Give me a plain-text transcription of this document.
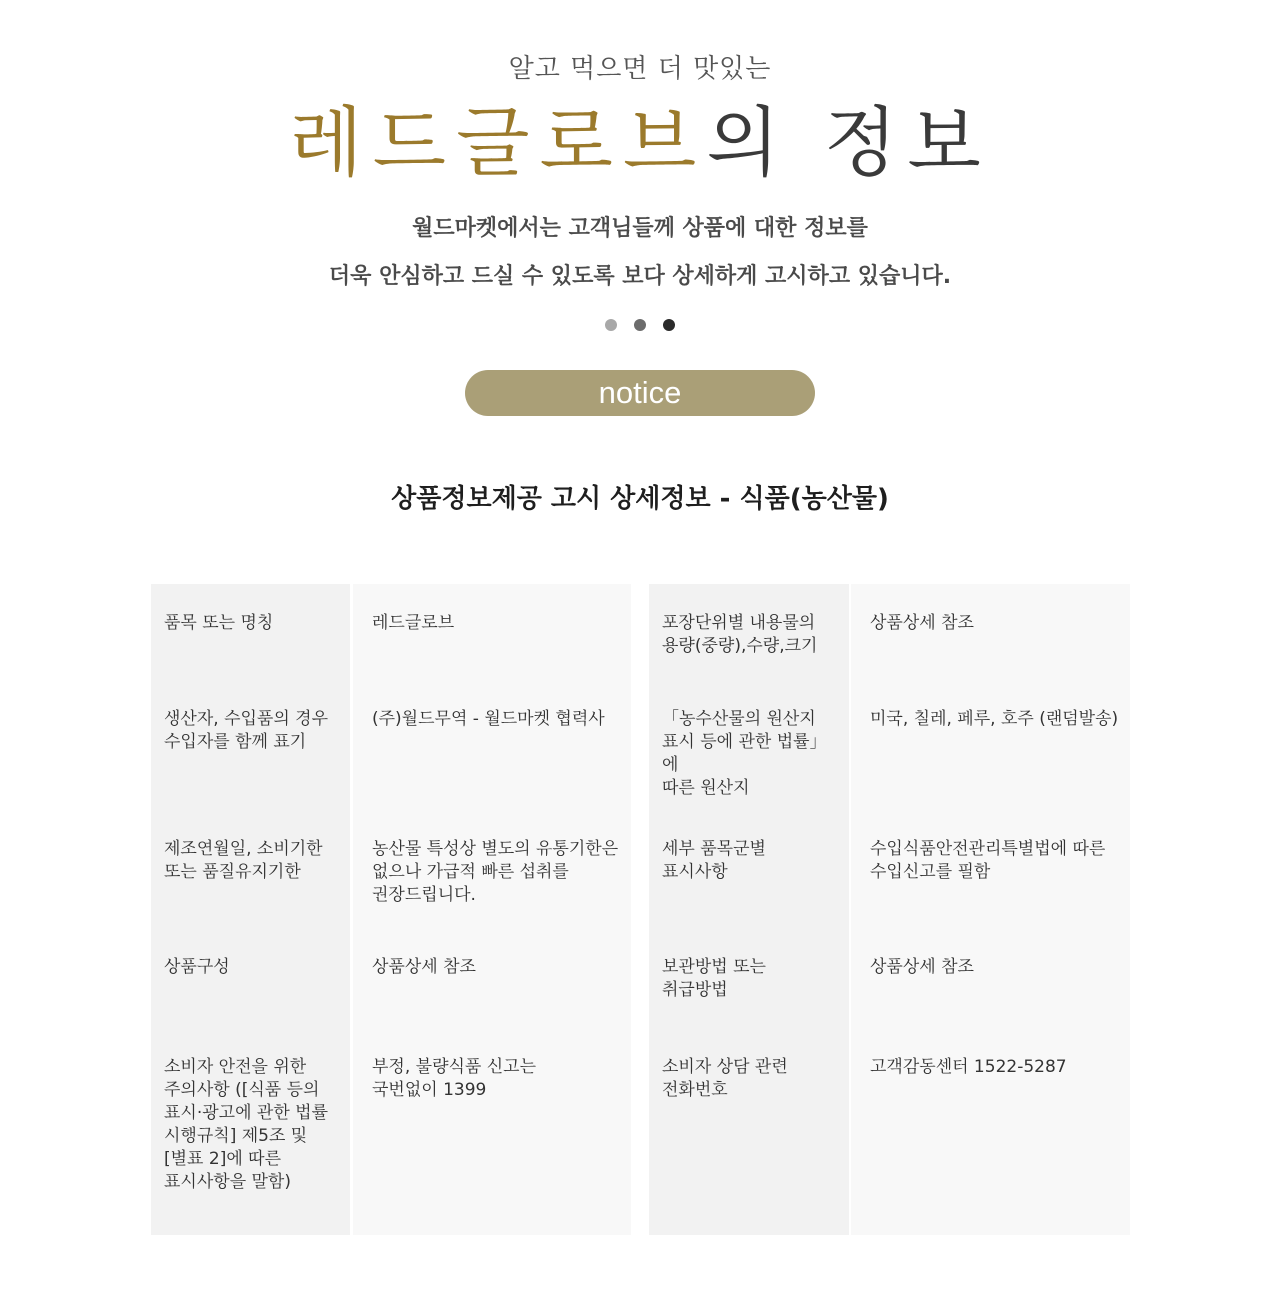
알고 먹으면 더 맛있는
레드글로브의 정보
월드마켓에서는 고객님들께 상품에 대한 정보를
더욱 안심하고 드실 수 있도록 보다 상세하게 고시하고 있습니다.
notice
상품정보제공 고시 상세정보 - 식품(농산물)
품목 또는 명칭
생산자, 수입품의 경우
수입자를 함께 표기
제조연월일, 소비기한
또는 품질유지기한
상품구성
소비자 안전을 위한
주의사항 ([식품 등의
표시·광고에 관한 법률
시행규칙] 제5조 및
[별표 2]에 따른
표시사항을 말함)
레드글로브
(주)월드무역 - 월드마켓 협력사
농산물 특성상 별도의 유통기한은
없으나 가급적 빠른 섭취를
권장드립니다.
상품상세 참조
부정, 불량식품 신고는
국번없이 1399
포장단위별 내용물의
용량(중량),수량,크기
「농수산물의 원산지
표시 등에 관한 법률」에
따른 원산지
세부 품목군별
표시사항
보관방법 또는
취급방법
소비자 상담 관련
전화번호
상품상세 참조
미국, 칠레, 페루, 호주 (랜덤발송)
수입식품안전관리특별법에 따른
수입신고를 필함
상품상세 참조
고객감동센터 1522-5287
